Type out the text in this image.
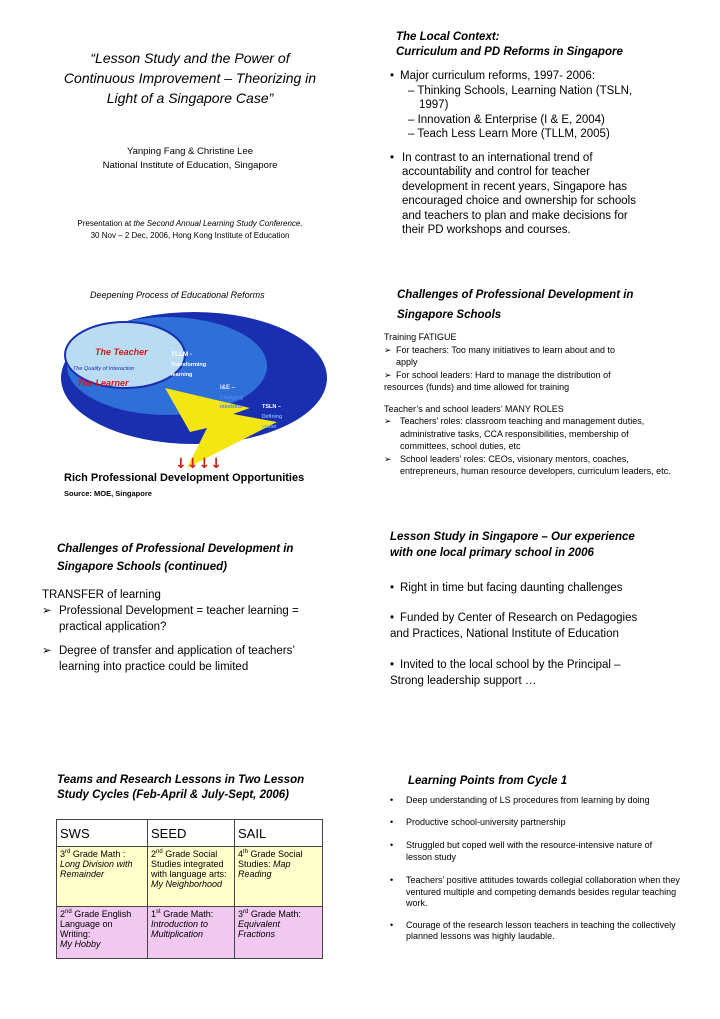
“Lesson Study and the Power of
Continuous Improvement – Theorizing in
Light of a Singapore Case”
Yanping Fang & Christine Lee
National Institute of Education, Singapore
Presentation at the Second Annual Learning Study Conference,
30 Nov – 2 Dec, 2006, Hong Kong Institute of Education
The Local Context:
Curriculum and PD Reforms in Singapore
• Major curriculum reforms, 1997- 2006:
– Thinking Schools, Learning Nation (TSLN,
1997)
– Innovation & Enterprise (I & E, 2004)
– Teach Less Learn More (TLLM, 2005)
• In contrast to an international trend of accountability and control for teacher development in recent years, Singapore has encouraged choice and ownership for schools and teachers to plan and make decisions for their PD workshops and courses.
Deepening Process of Educational Reforms
The Teacher
The Quality of Interaction
The Learner
TLLM -
Transforming
learning
I&E –
Changing
mindsets	TSLN –
Defining
vision
↓↓↓↓
Rich Professional Development Opportunities
Source: MOE, Singapore
Challenges of Professional Development in
Singapore Schools
Training FATIGUE
➢
For teachers: Too many initiatives to learn about and to apply
➢
For school leaders: Hard to manage the distribution of
resources (funds) and time allowed for training
Teacher’s and school leaders’ MANY ROLES
➢
Teachers’ roles: classroom teaching and management duties, administrative tasks, CCA responsibilities, membership of committees, school duties, etc
➢
School leaders’ roles: CEOs, visionary mentors, coaches, entrepreneurs, human resource developers, curriculum leaders, etc.
Challenges of Professional Development in
Singapore Schools (continued)
TRANSFER of learning
➢
Professional Development = teacher learning = practical application?
➢
Degree of transfer and application of teachers’ learning into practice could be limited
Lesson Study in Singapore – Our experience
with one local primary school in 2006
• Right in time but facing daunting challenges
• Funded by Center of Research on Pedagogies and Practices, National Institute of Education
• Invited to the local school by the Principal – Strong leadership support …
Teams and Research Lessons in Two Lesson
Study Cycles (Feb-April & July-Sept, 2006)
SWS	SEED	SAIL
3rd Grade Math :
Long Division with Remainder	2nd Grade Social Studies integrated with language arts:
My Neighborhood	4th Grade Social Studies: Map Reading
2nd Grade English Language on Writing:
My Hobby	1st Grade Math:
Introduction to Multiplication	3rd Grade Math:
Equivalent Fractions
Learning Points from Cycle 1
•	Deep understanding of LS procedures from learning by doing
•	Productive school-university partnership
•	Struggled but coped well with the resource-intensive nature of lesson study
•	Teachers’ positive attitudes towards collegial collaboration when they ventured multiple and competing demands besides regular teaching work.
•	Courage of the research lesson teachers in teaching the collectively planned lessons was highly laudable.
